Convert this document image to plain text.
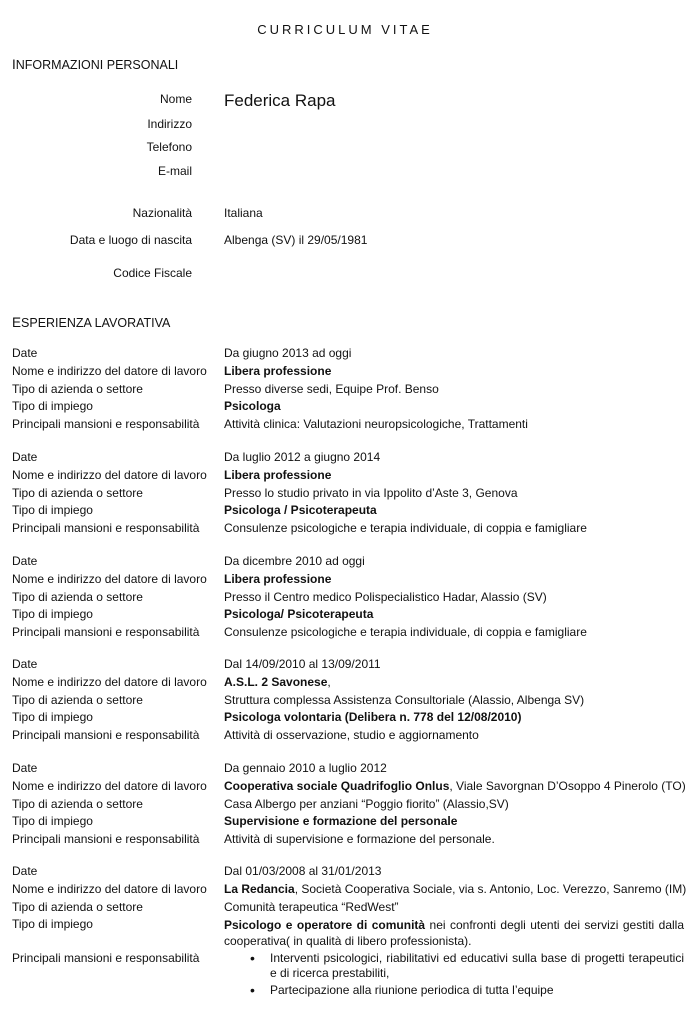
CURRICULUM VITAE
INFORMAZIONI PERSONALI
Nome Federica Rapa
Indirizzo
Telefono
E-mail
Nazionalità	Italiana
Data e luogo di nascita	Albenga (SV) il 29/05/1981
Codice Fiscale
ESPERIENZA LAVORATIVA
Date	Da giugno 2013 ad oggi
Nome e indirizzo del datore di lavoro Libera professione
Tipo di azienda o settore	Presso diverse sedi, Equipe Prof. Benso
Tipo di impiego	Psicologa
Principali mansioni e responsabilità Attività clinica: Valutazioni neuropsicologiche, Trattamenti
Date	Da luglio 2012 a giugno 2014
Nome e indirizzo del datore di lavoro Libera professione
Tipo di azienda o settore	Presso lo studio privato in via Ippolito d’Aste 3, Genova
Tipo di impiego	Psicologa / Psicoterapeuta
Principali mansioni e responsabilità Consulenze psicologiche e terapia individuale, di coppia e famigliare
Date	Da dicembre 2010 ad oggi
Nome e indirizzo del datore di lavoro Libera professione
Tipo di azienda o settore	Presso il Centro medico Polispecialistico Hadar, Alassio (SV)
Tipo di impiego	Psicologa/ Psicoterapeuta
Principali mansioni e responsabilità Consulenze psicologiche e terapia individuale, di coppia e famigliare
Date	Dal 14/09/2010 al 13/09/2011
Nome e indirizzo del datore di lavoro A.S.L. 2 Savonese,
Tipo di azienda o settore	Struttura complessa Assistenza Consultoriale (Alassio, Albenga SV)
Tipo di impiego	Psicologa volontaria (Delibera n. 778 del 12/08/2010)
Principali mansioni e responsabilità Attività di osservazione, studio e aggiornamento
Date	Da gennaio 2010 a luglio 2012
Nome e indirizzo del datore di lavoro Cooperativa sociale Quadrifoglio Onlus, Viale Savorgnan D’Osoppo 4 Pinerolo (TO)
Tipo di azienda o settore	Casa Albergo per anziani “Poggio fiorito” (Alassio,SV)
Tipo di impiego	Supervisione e formazione del personale
Principali mansioni e responsabilità Attività di supervisione e formazione del personale.
Date	Dal 01/03/2008 al 31/01/2013
Nome e indirizzo del datore di lavoro La Redancia, Società Cooperativa Sociale, via s. Antonio, Loc. Verezzo, Sanremo (IM)
Tipo di azienda o settore	Comunità terapeutica “RedWest”
Tipo di impiego	Psicologo e operatore di comunità nei confronti degli utenti dei servizi gestiti dalla cooperativa( in qualità di libero professionista).
Principali mansioni e responsabilità
•	Interventi psicologici, riabilitativi ed educativi sulla base di progetti terapeutici e di ricerca prestabiliti,
• Partecipazione alla riunione periodica di tutta l’equipe
